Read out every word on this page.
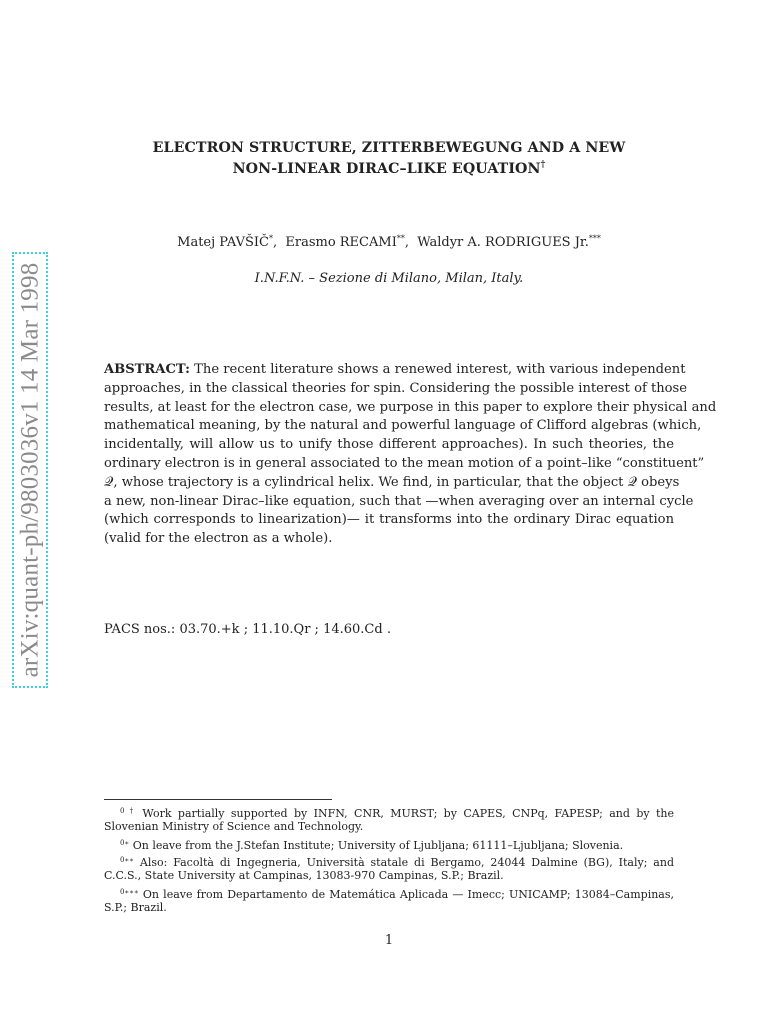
arXiv:quant-ph/9803036v1 14 Mar 1998
ELECTRON STRUCTURE, ZITTERBEWEGUNG AND A NEW
NON-LINEAR DIRAC–LIKE EQUATION†
Matej PAVŠIČ*,  Erasmo RECAMI**,  Waldyr A. RODRIGUES Jr.***
I.N.F.N. – Sezione di Milano, Milan, Italy.
ABSTRACT: The recent literature shows a renewed interest, with various independent
approaches, in the classical theories for spin. Considering the possible interest of those
results, at least for the electron case, we purpose in this paper to explore their physical and
mathematical meaning, by the natural and powerful language of Clifford algebras (which,
incidentally, will allow us to unify those different approaches). In such theories, the
ordinary electron is in general associated to the mean motion of a point–like “constituent”
𝒬, whose trajectory is a cylindrical helix. We find, in particular, that the object 𝒬 obeys
a new, non-linear Dirac–like equation, such that —when averaging over an internal cycle
(which corresponds to linearization)— it transforms into the ordinary Dirac equation
(valid for the electron as a whole).
PACS nos.: 03.70.+k ; 11.10.Qr ; 14.60.Cd .
$^{0 \dagger}$ Work partially supported by INFN, CNR, MURST; by CAPES, CNPq, FAPESP; and by the
Slovenian Ministry of Science and Technology.
$^{0∗}$ On leave from the J.Stefan Institute; University of Ljubljana; 61111–Ljubljana; Slovenia.
$^{0∗∗}$ Also: Facoltà di Ingegneria, Università statale di Bergamo, 24044 Dalmine (BG), Italy; and
C.C.S., State University at Campinas, 13083-970 Campinas, S.P.; Brazil.
$^{0∗∗∗}$ On leave from Departamento de Matemática Aplicada — Imecc; UNICAMP; 13084–Campinas,
S.P.; Brazil.
1
